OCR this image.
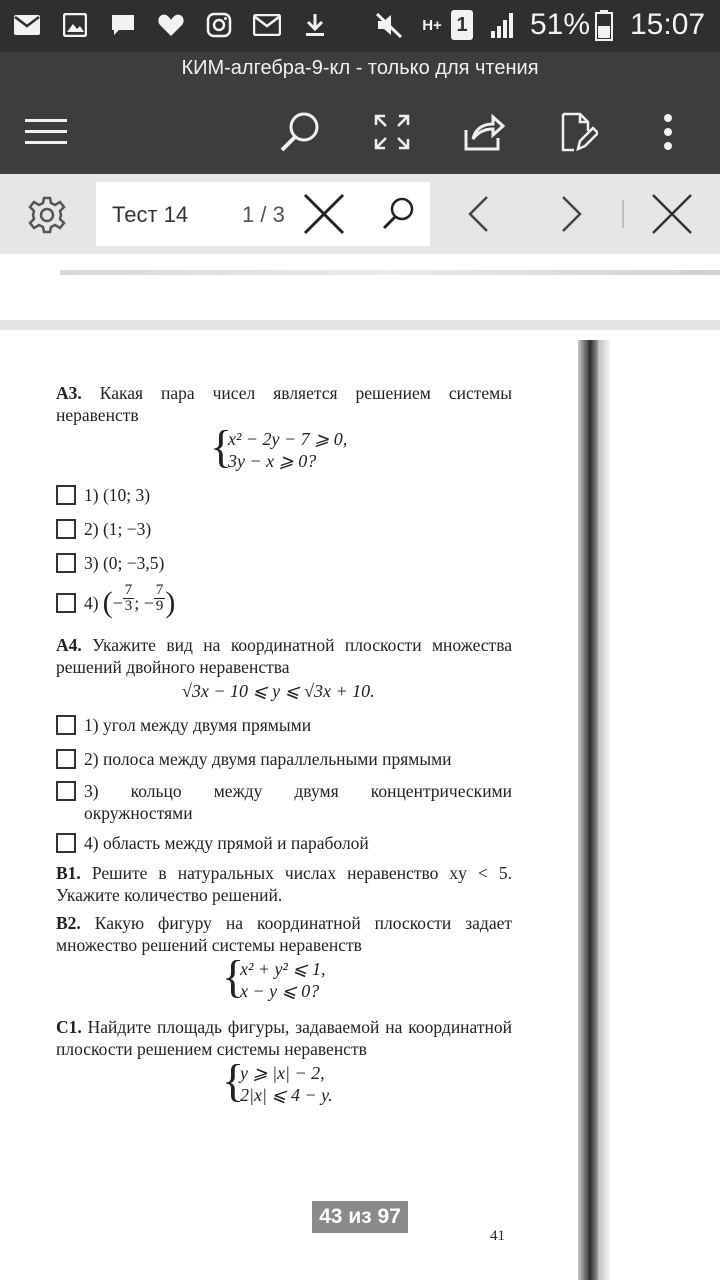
H+ 1 51% 15:07
КИМ-алгебра-9-кл - только для чтения
Тест 14 1 / 3
А3. Какая пара чисел является решением системы неравенств
{
x² − 2y − 7 ⩾ 0,
3y − x ⩾ 0?
1) (10; 3)
2) (1; −3)
3) (0; −3,5)
4) ( − $\frac{7}{3}$ ; − $\frac{7}{9}$ )
А4. Укажите вид на координатной плоскости множества решений двойного неравенства
√3x − 10 ⩽ y ⩽ √3x + 10.
1) угол между двумя прямыми
2) полоса между двумя параллельными прямыми
3) кольцо между двумя концентрическими окружностями
4) область между прямой и параболой
В1. Решите в натуральных числах неравенство xy < 5. Укажите количество решений.
В2. Какую фигуру на координатной плоскости задает множество решений системы неравенств
{
x² + y² ⩽ 1,
x − y ⩽ 0?
С1. Найдите площадь фигуры, задаваемой на координатной плоскости решением системы неравенств
{
y ⩾ |x| − 2,
2|x| ⩽ 4 − y.
43 из 97
41
